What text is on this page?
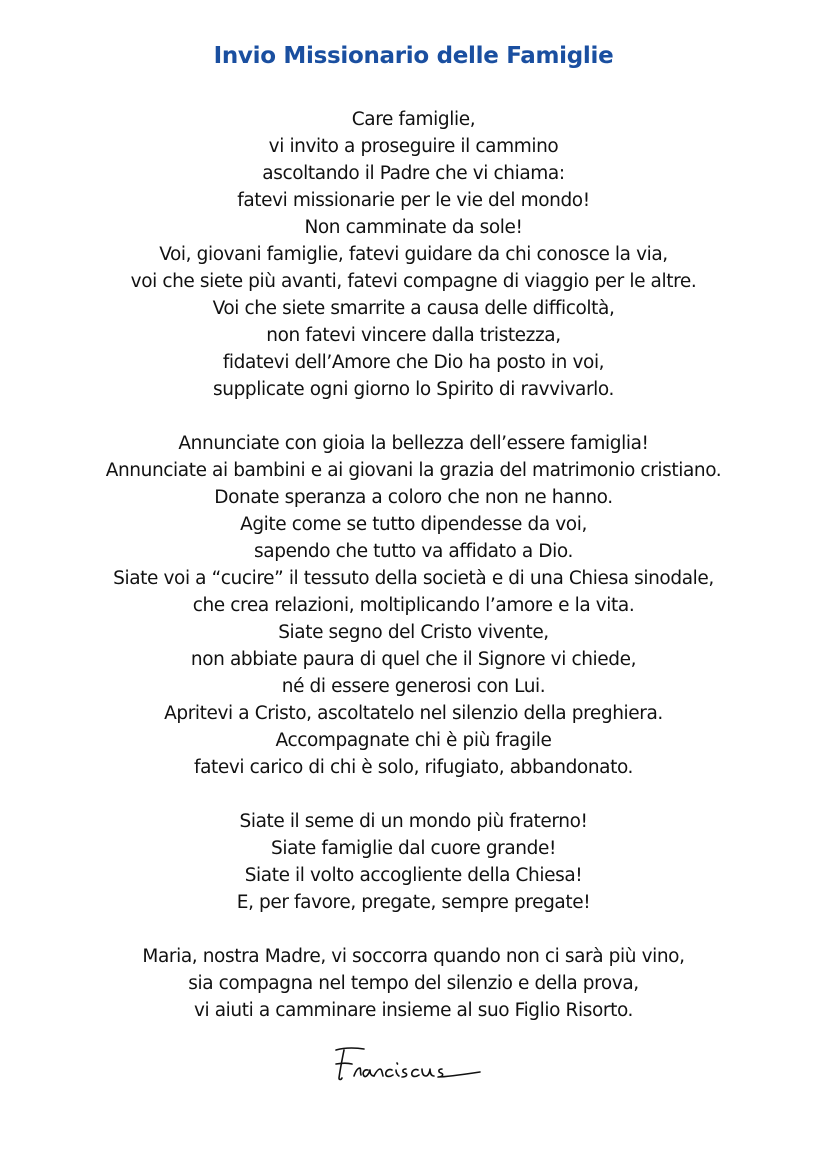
Invio Missionario delle Famiglie
Care famiglie,
vi invito a proseguire il cammino
ascoltando il Padre che vi chiama:
fatevi missionarie per le vie del mondo!
Non camminate da sole!
Voi, giovani famiglie, fatevi guidare da chi conosce la via,
voi che siete più avanti, fatevi compagne di viaggio per le altre.
Voi che siete smarrite a causa delle difficoltà,
non fatevi vincere dalla tristezza,
fidatevi dell’Amore che Dio ha posto in voi,
supplicate ogni giorno lo Spirito di ravvivarlo.
Annunciate con gioia la bellezza dell’essere famiglia!
Annunciate ai bambini e ai giovani la grazia del matrimonio cristiano.
Donate speranza a coloro che non ne hanno.
Agite come se tutto dipendesse da voi,
sapendo che tutto va affidato a Dio.
Siate voi a “cucire” il tessuto della società e di una Chiesa sinodale,
che crea relazioni, moltiplicando l’amore e la vita.
Siate segno del Cristo vivente,
non abbiate paura di quel che il Signore vi chiede,
né di essere generosi con Lui.
Apritevi a Cristo, ascoltatelo nel silenzio della preghiera.
Accompagnate chi è più fragile
fatevi carico di chi è solo, rifugiato, abbandonato.
Siate il seme di un mondo più fraterno!
Siate famiglie dal cuore grande!
Siate il volto accogliente della Chiesa!
E, per favore, pregate, sempre pregate!
Maria, nostra Madre, vi soccorra quando non ci sarà più vino,
sia compagna nel tempo del silenzio e della prova,
vi aiuti a camminare insieme al suo Figlio Risorto.
